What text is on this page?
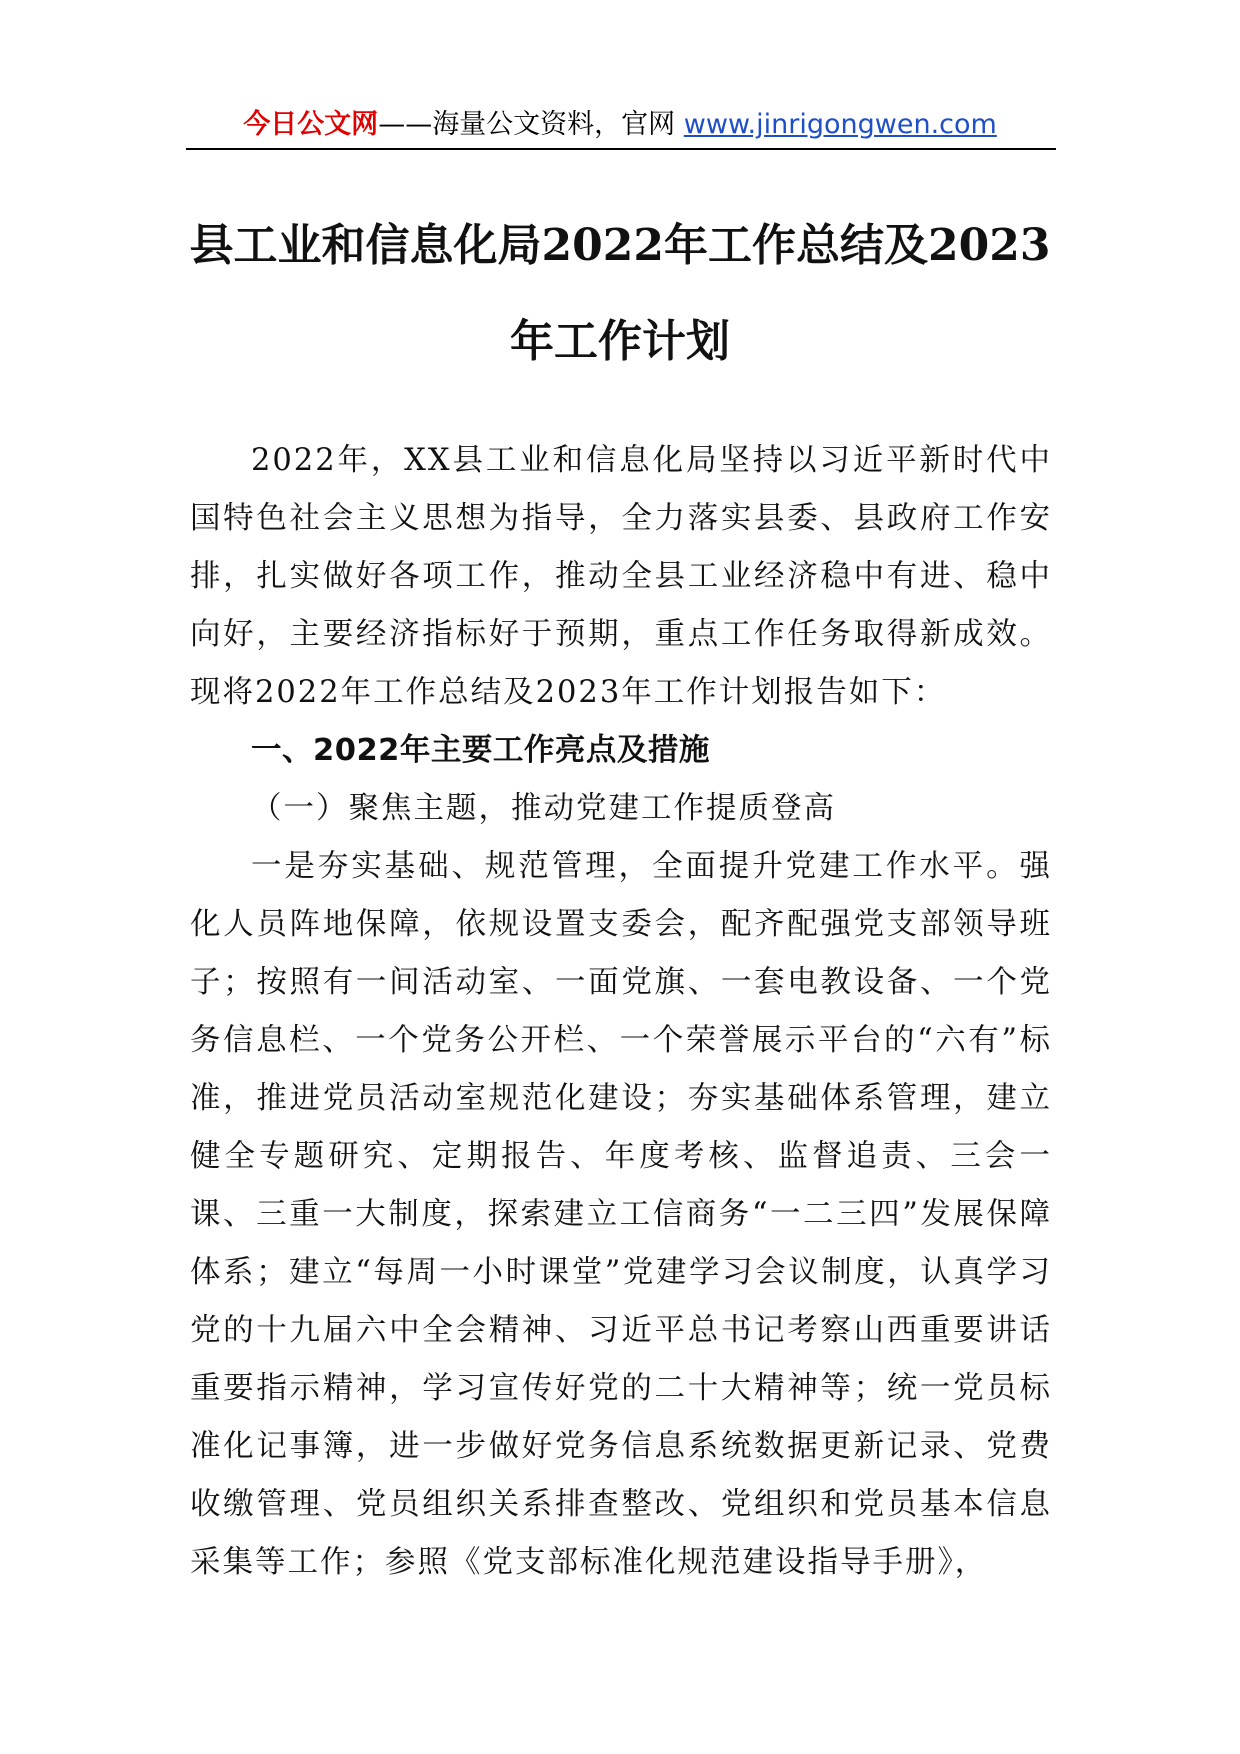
今日公文网——海量公文资料，官网 www.jinrigongwen.com
县工业和信息化局2022年工作总结及2023年工作计划

2022年，XX县工业和信息化局坚持以习近平新时代中国特色社会主义思想为指导，全力落实县委、县政府工作安排，扎实做好各项工作，推动全县工业经济稳中有进、稳中向好，主要经济指标好于预期，重点工作任务取得新成效。现将2022年工作总结及2023年工作计划报告如下：

一、2022年主要工作亮点及措施

（一）聚焦主题，推动党建工作提质登高

一是夯实基础、规范管理，全面提升党建工作水平。强化人员阵地保障，依规设置支委会，配齐配强党支部领导班子；按照有一间活动室、一面党旗、一套电教设备、一个党务信息栏、一个党务公开栏、一个荣誉展示平台的“六有”标准，推进党员活动室规范化建设；夯实基础体系管理，建立健全专题研究、定期报告、年度考核、监督追责、三会一课、三重一大制度，探索建立工信商务“一二三四”发展保障体系；建立“每周一小时课堂”党建学习会议制度，认真学习党的十九届六中全会精神、习近平总书记考察山西重要讲话重要指示精神，学习宣传好党的二十大精神等；统一党员标准化记事簿，进一步做好党务信息系统数据更新记录、党费收缴管理、党员组织关系排查整改、党组织和党员基本信息采集等工作；参照《党支部标准化规范建设指导手册》，
